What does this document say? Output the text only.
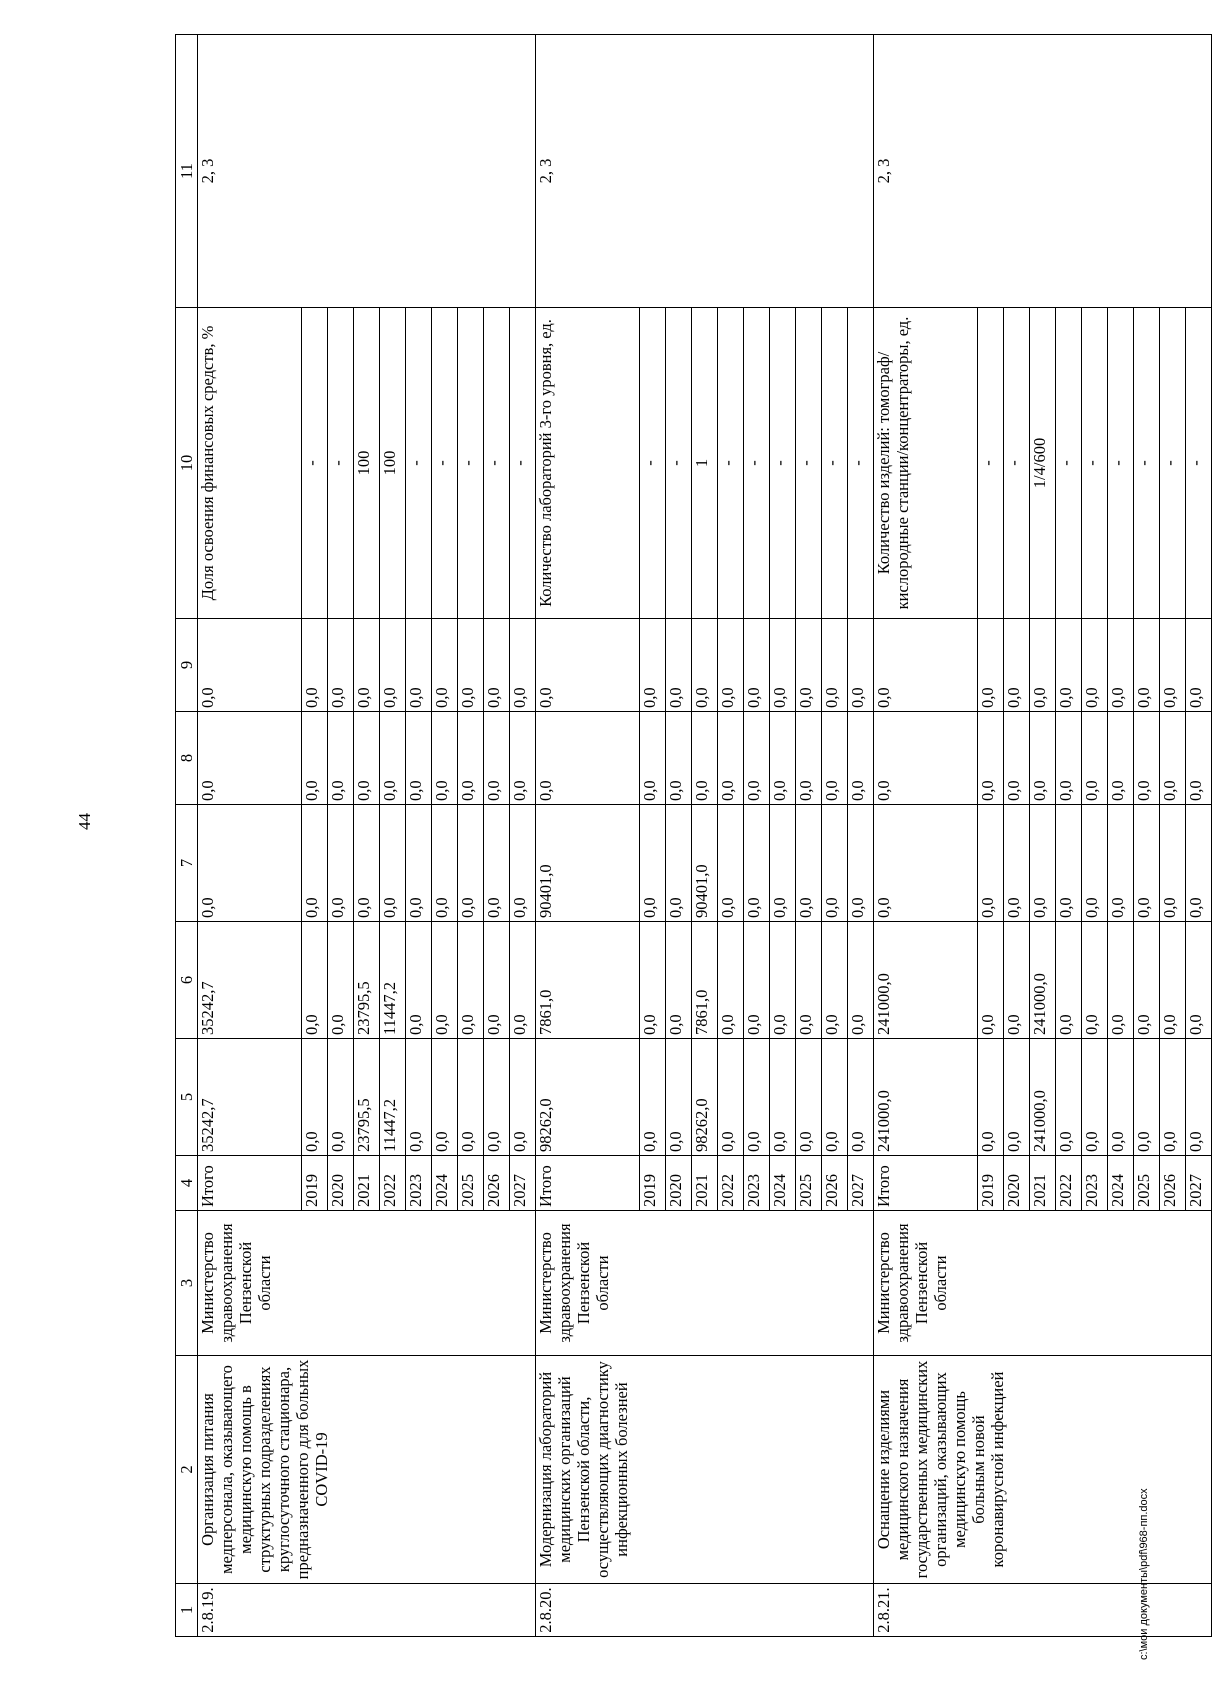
44
c:\мои документы\pdf\968-пп.docx
1	2	3	4	5	6	7	8	9	10	11
2.8.19.	Организация питания медперсонала, оказывающего медицинскую помощь в структурных подразделениях круглосуточного стационара, предназначенного для больных COVID-19	Министерство здравоохранения Пензенской области	Итого	35242,7	35242,7	0,0	0,0	0,0	Доля освоения финансовых средств, %	2, 3
			2019	0,0	0,0	0,0	0,0	0,0	-	
			2020	0,0	0,0	0,0	0,0	0,0	-	
			2021	23795,5	23795,5	0,0	0,0	0,0	100	
			2022	11447,2	11447,2	0,0	0,0	0,0	100	
			2023	0,0	0,0	0,0	0,0	0,0	-	
			2024	0,0	0,0	0,0	0,0	0,0	-	
			2025	0,0	0,0	0,0	0,0	0,0	-	
			2026	0,0	0,0	0,0	0,0	0,0	-	
			2027	0,0	0,0	0,0	0,0	0,0	-	
2.8.20.	Модернизация лабораторий медицинских организаций Пензенской области, осуществляющих диагностику инфекционных болезней	Министерство здравоохранения Пензенской области	Итого	98262,0	7861,0	90401,0	0,0	0,0	Количество лабораторий 3-го уровня, ед.	2, 3
			2019	0,0	0,0	0,0	0,0	0,0	-	
			2020	0,0	0,0	0,0	0,0	0,0	-	
			2021	98262,0	7861,0	90401,0	0,0	0,0	1	
			2022	0,0	0,0	0,0	0,0	0,0	-	
			2023	0,0	0,0	0,0	0,0	0,0	-	
			2024	0,0	0,0	0,0	0,0	0,0	-	
			2025	0,0	0,0	0,0	0,0	0,0	-	
			2026	0,0	0,0	0,0	0,0	0,0	-	
			2027	0,0	0,0	0,0	0,0	0,0	-	
2.8.21.	Оснащение изделиями медицинского назначения государственных медицинских организаций, оказывающих медицинскую помощь больным новой коронавирусной инфекцией	Министерство здравоохранения Пензенской области	Итого	241000,0	241000,0	0,0	0,0	0,0	Количество изделий: томограф/кислородные станции/концентраторы, ед.	2, 3
			2019	0,0	0,0	0,0	0,0	0,0	-	
			2020	0,0	0,0	0,0	0,0	0,0	-	
			2021	241000,0	241000,0	0,0	0,0	0,0	1/4/600	
			2022	0,0	0,0	0,0	0,0	0,0	-	
			2023	0,0	0,0	0,0	0,0	0,0	-	
			2024	0,0	0,0	0,0	0,0	0,0	-	
			2025	0,0	0,0	0,0	0,0	0,0	-	
			2026	0,0	0,0	0,0	0,0	0,0	-	
			2027	0,0	0,0	0,0	0,0	0,0	-	
